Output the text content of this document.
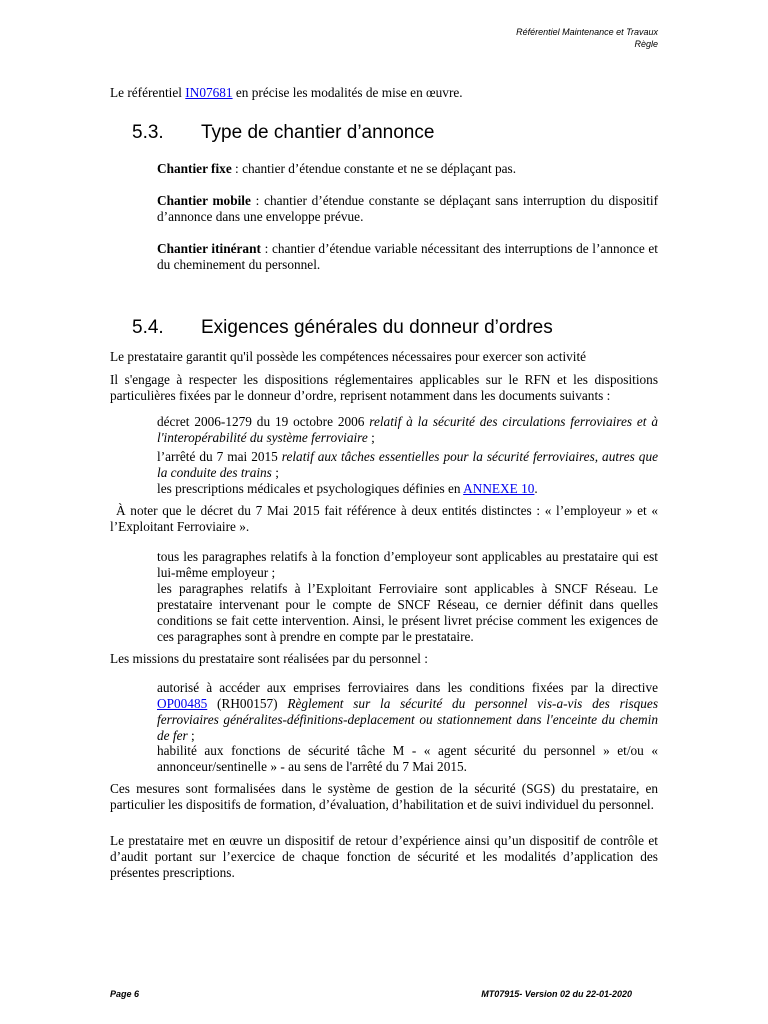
Référentiel Maintenance et Travaux
Règle

Le référentiel IN07681 en précise les modalités de mise en œuvre.

5.3. Type de chantier d’annonce

Chantier fixe : chantier d’étendue constante et ne se déplaçant pas.

Chantier mobile : chantier d’étendue constante se déplaçant sans interruption du dispositif d’annonce dans une enveloppe prévue.

Chantier itinérant : chantier d’étendue variable nécessitant des interruptions de l’annonce et du cheminement du personnel.

5.4. Exigences générales du donneur d’ordres

Le prestataire garantit qu'il possède les compétences nécessaires pour exercer son activité

Il s'engage à respecter les dispositions réglementaires applicables sur le RFN et les dispositions particulières fixées par le donneur d’ordre, reprisent notamment dans les documents suivants :

décret 2006-1279 du 19 octobre 2006 relatif à la sécurité des circulations ferroviaires et à l'interopérabilité du système ferroviaire ;

l’arrêté du 7 mai 2015 relatif aux tâches essentielles pour la sécurité ferroviaires, autres que la conduite des trains ;

les prescriptions médicales et psychologiques définies en ANNEXE 10.

À noter que le décret du 7 Mai 2015 fait référence à deux entités distinctes : « l’employeur » et « l’Exploitant Ferroviaire ».

tous les paragraphes relatifs à la fonction d’employeur sont applicables au prestataire qui est lui-même employeur ;

les paragraphes relatifs à l’Exploitant Ferroviaire sont applicables à SNCF Réseau. Le prestataire intervenant pour le compte de SNCF Réseau, ce dernier définit dans quelles conditions se fait cette intervention. Ainsi, le présent livret précise comment les exigences de ces paragraphes sont à prendre en compte par le prestataire.

Les missions du prestataire sont réalisées par du personnel :

autorisé à accéder aux emprises ferroviaires dans les conditions fixées par la directive OP00485 (RH00157) Règlement sur la sécurité du personnel vis-a-vis des risques ferroviaires généralites-définitions-deplacement ou stationnement dans l'enceinte du chemin de fer ;

habilité aux fonctions de sécurité tâche M - « agent sécurité du personnel » et/ou « annonceur/sentinelle » - au sens de l'arrêté du 7 Mai 2015.

Ces mesures sont formalisées dans le système de gestion de la sécurité (SGS) du prestataire, en particulier les dispositifs de formation, d’évaluation, d’habilitation et de suivi individuel du personnel.

Le prestataire met en œuvre un dispositif de retour d’expérience ainsi qu’un dispositif de contrôle et d’audit portant sur l’exercice de chaque fonction de sécurité et les modalités d’application des présentes prescriptions.

Page 6	MT07915- Version 02 du 22-01-2020
